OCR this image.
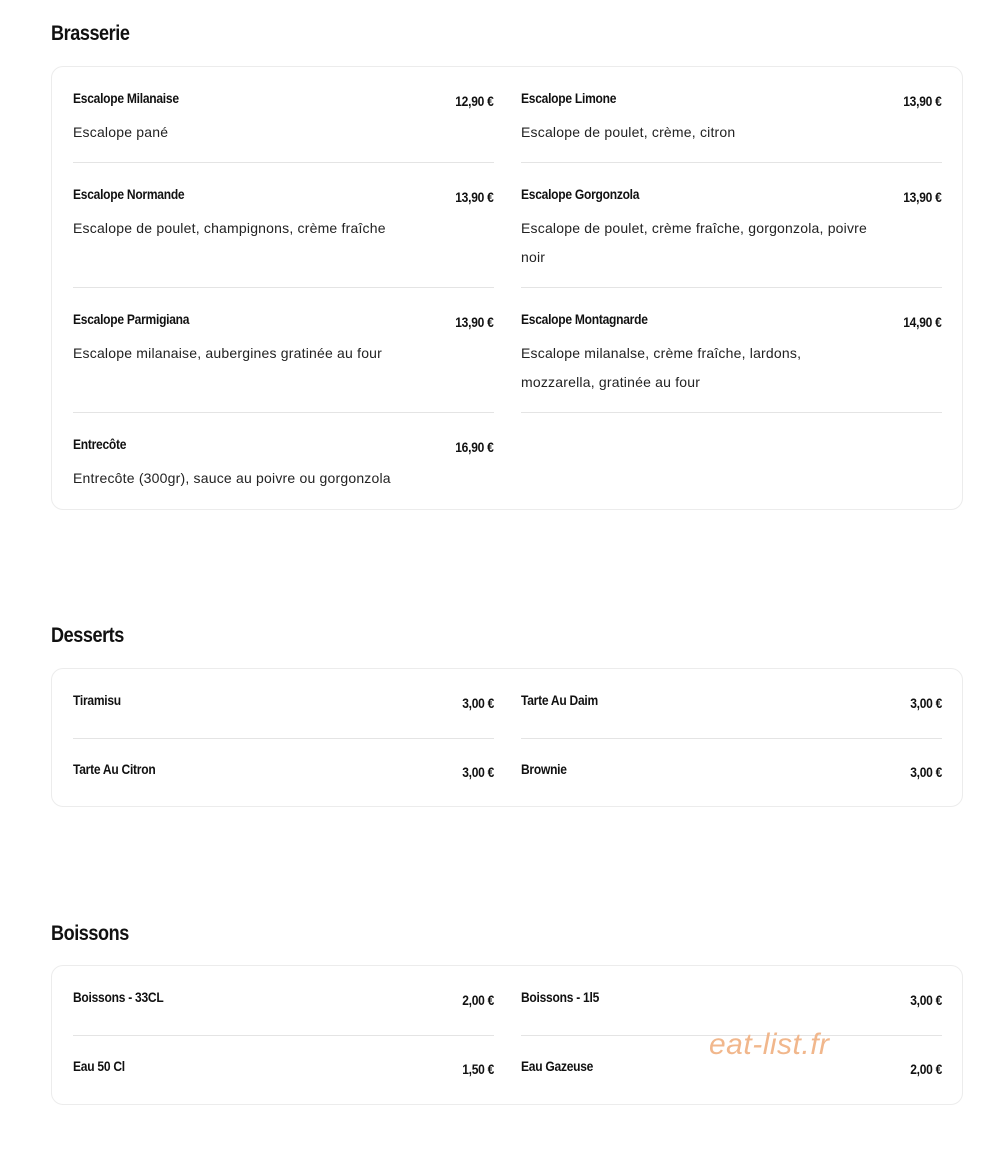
Brasserie
Escalope Milanaise	12,90 €
Escalope pané
Escalope Limone	13,90 €
Escalope de poulet, crème, citron
Escalope Normande	13,90 €
Escalope de poulet, champignons, crème fraîche
Escalope Gorgonzola	13,90 €
Escalope de poulet, crème fraîche, gorgonzola, poivre noir
Escalope Parmigiana	13,90 €
Escalope milanaise, aubergines gratinée au four
Escalope Montagnarde	14,90 €
Escalope milanalse, crème fraîche, lardons, mozzarella, gratinée au four
Entrecôte	16,90 €
Entrecôte (300gr), sauce au poivre ou gorgonzola
Desserts
Tiramisu	3,00 € Tarte Au Daim	3,00 €
Tarte Au Citron	3,00 € Brownie	3,00 €
Boissons
Boissons - 33CL	2,00 € Boissons - 1l5	3,00 €
Eau 50 Cl	1,50 € Eau Gazeuse	2,00 €
eat-list.fr
